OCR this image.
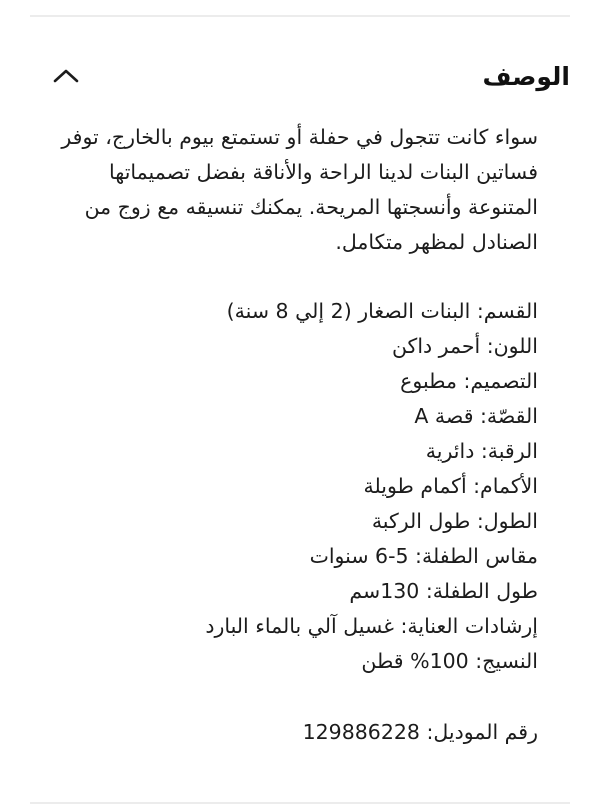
الوصف

سواء كانت تتجول في حفلة أو تستمتع بيوم بالخارج، توفر فساتين البنات لدينا الراحة والأناقة بفضل تصميماتها المتنوعة وأنسجتها المريحة. يمكنك تنسيقه مع زوج من الصنادل لمظهر متكامل.

القسم: البنات الصغار (2 إلي 8 سنة)
اللون: أحمر داكن
التصميم: مطبوع
القصّة: قصة A
الرقبة: دائرية
الأكمام: أكمام طويلة
الطول: طول الركبة
مقاس الطفلة: 5-6 سنوات
طول الطفلة: 130سم
إرشادات العناية: غسيل آلي بالماء البارد
النسيج: 100% قطن
رقم الموديل: 129886228
